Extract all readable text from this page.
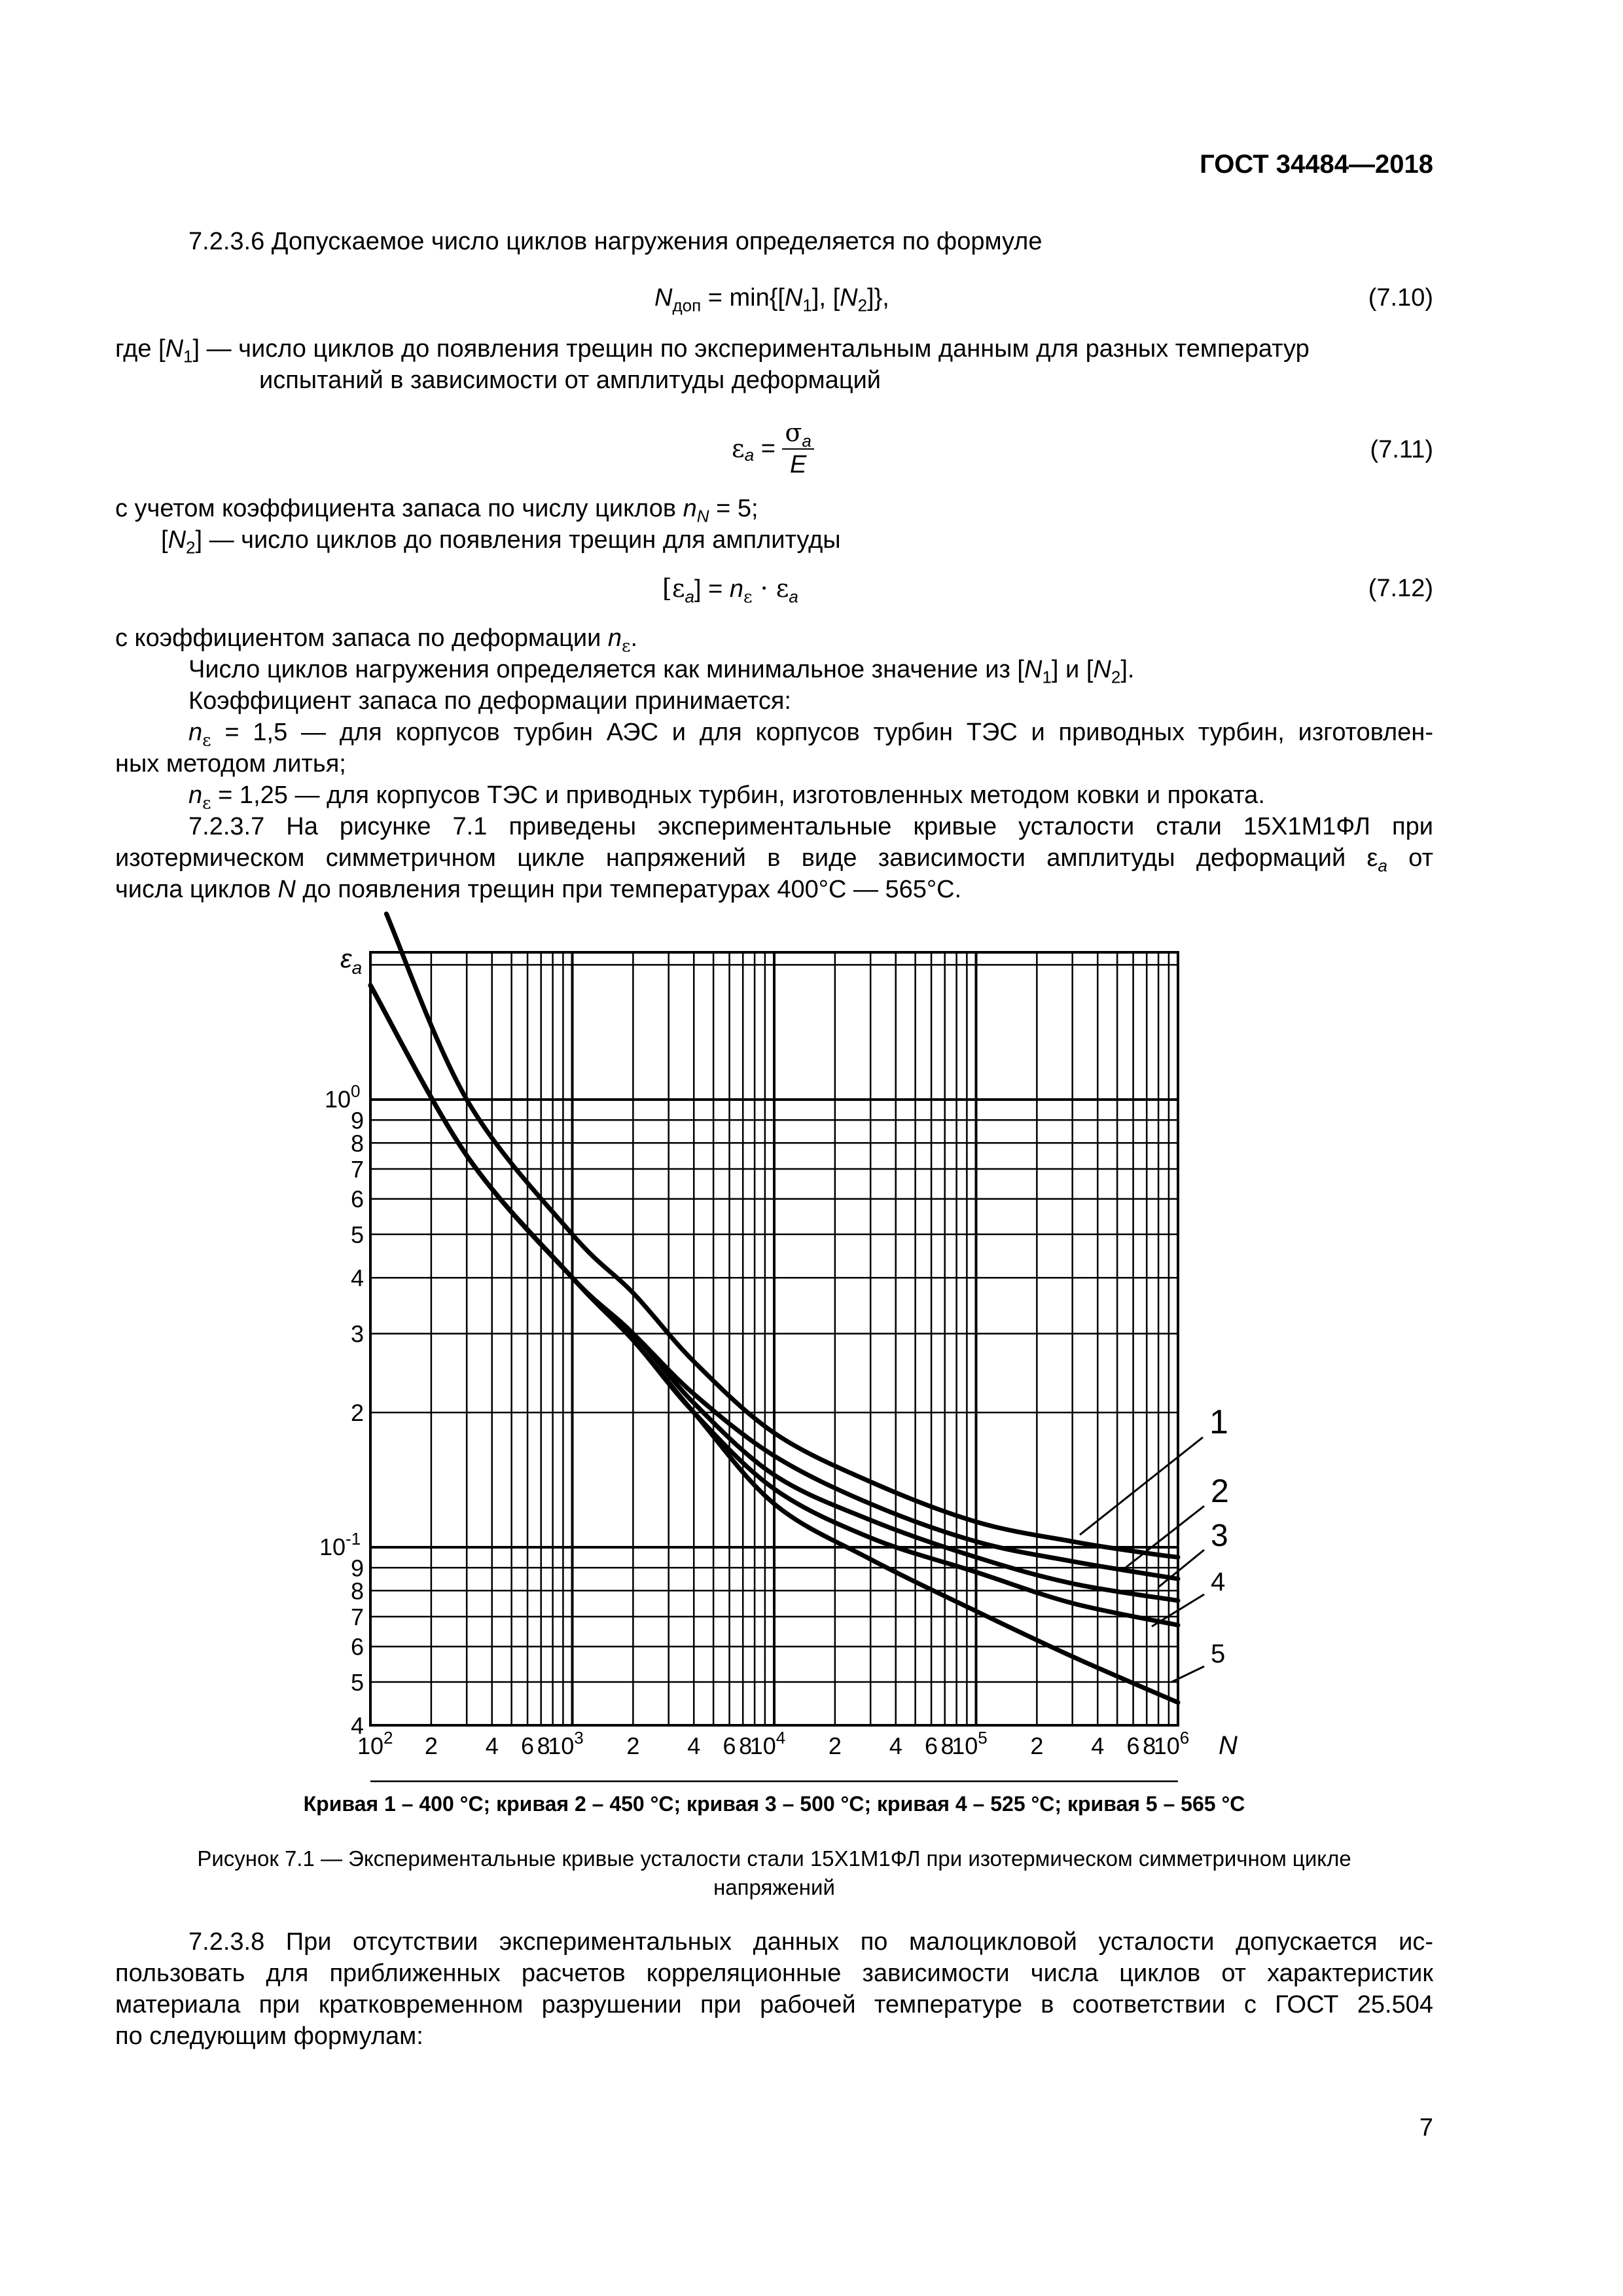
ГОСТ 34484—2018
7.2.3.6 Допускаемое число циклов нагружения определяется по формуле
$N_{доп} = \min\{[N_1]$, $[N_2]$},	(7.10)
где $[N_1]$ — число циклов до появления трещин по экспериментальным данным для разных температур
испытаний в зависимости от амплитуды деформаций
$\varepsilon_a = \frac{\sigma_a}{E}$	(7.11)
с учетом коэффициента запаса по числу циклов $n_N = 5$;
$[N_2]$ — число циклов до появления трещин для амплитуды
$[\varepsilon_a] = n_\varepsilon \cdot \varepsilon_a$	(7.12)
с коэффициентом запаса по деформации $n_\varepsilon$.
Число циклов нагружения определяется как минимальное значение из $[N_1]$ и $[N_2]$.
Коэффициент запаса по деформации принимается:
$n_\varepsilon = 1,5$ — для корпусов турбин АЭС и для корпусов турбин ТЭС и приводных турбин, изготовлен-
ных методом литья;
$n_\varepsilon = 1,25$ — для корпусов ТЭС и приводных турбин, изготовленных методом ковки и проката.
7.2.3.7 На рисунке 7.1 приведены экспериментальные кривые усталости стали 15Х1М1ФЛ при
изотермическом симметричном цикле напряжений в виде зависимости амплитуды деформаций $\varepsilon_a$ от
числа циклов N до появления трещин при температурах 400°С — 565°С.
1
2
3
4
5
$10^0$
$10^{-1}$
9
8
7
6
5
4
3
2
9
8
7
6
5
4
$\varepsilon_a$
$10^2$	$10^3$	$10^4$	$10^5$	$10^6$
2 4 6 8	2 4 6 8	2 4 6 8	2 4 6 8 N
Кривая 1 – 400 °С; кривая 2 – 450 °С; кривая 3 – 500 °С; кривая 4 – 525 °С; кривая 5 – 565 °С
Рисунок 7.1 — Экспериментальные кривые усталости стали 15Х1М1ФЛ при изотермическом симметричном цикле
напряжений
7.2.3.8 При отсутствии экспериментальных данных по малоцикловой усталости допускается ис-
пользовать для приближенных расчетов корреляционные зависимости числа циклов от характеристик
материала при кратковременном разрушении при рабочей температуре в соответствии с ГОСТ 25.504
по следующим формулам:
7
